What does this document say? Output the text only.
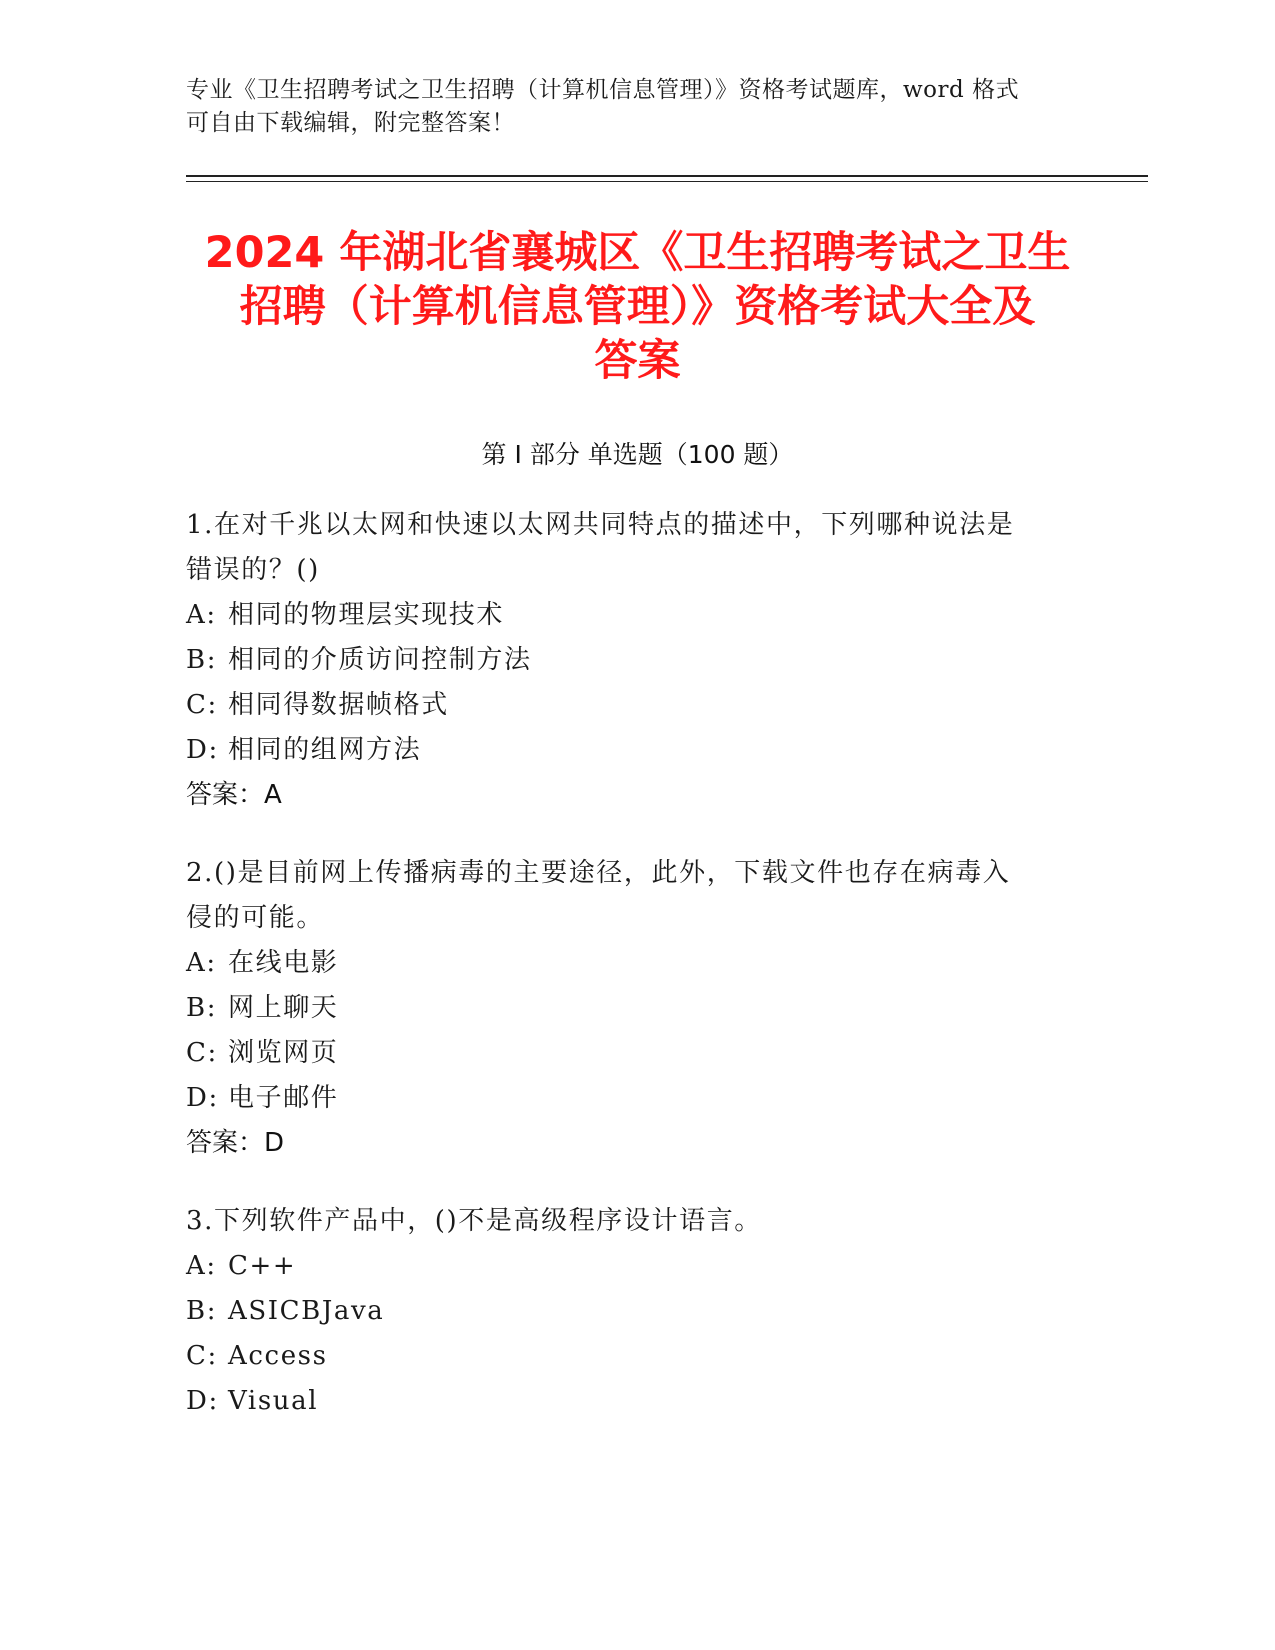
专业《卫生招聘考试之卫生招聘（计算机信息管理）》资格考试题库，word 格式
可自由下载编辑，附完整答案！
2024 年湖北省襄城区《卫生招聘考试之卫生
招聘（计算机信息管理）》资格考试大全及
答案
第 I 部分 单选题（100 题）
1.在对千兆以太网和快速以太网共同特点的描述中，下列哪种说法是
错误的？()
A: 相同的物理层实现技术
B: 相同的介质访问控制方法
C: 相同得数据帧格式
D: 相同的组网方法
答案：A
2.()是目前网上传播病毒的主要途径，此外，下载文件也存在病毒入
侵的可能。
A: 在线电影
B: 网上聊天
C: 浏览网页
D: 电子邮件
答案：D
3.下列软件产品中，()不是高级程序设计语言。
A: C++
B: ASICBJava
C: Access
D: Visual
